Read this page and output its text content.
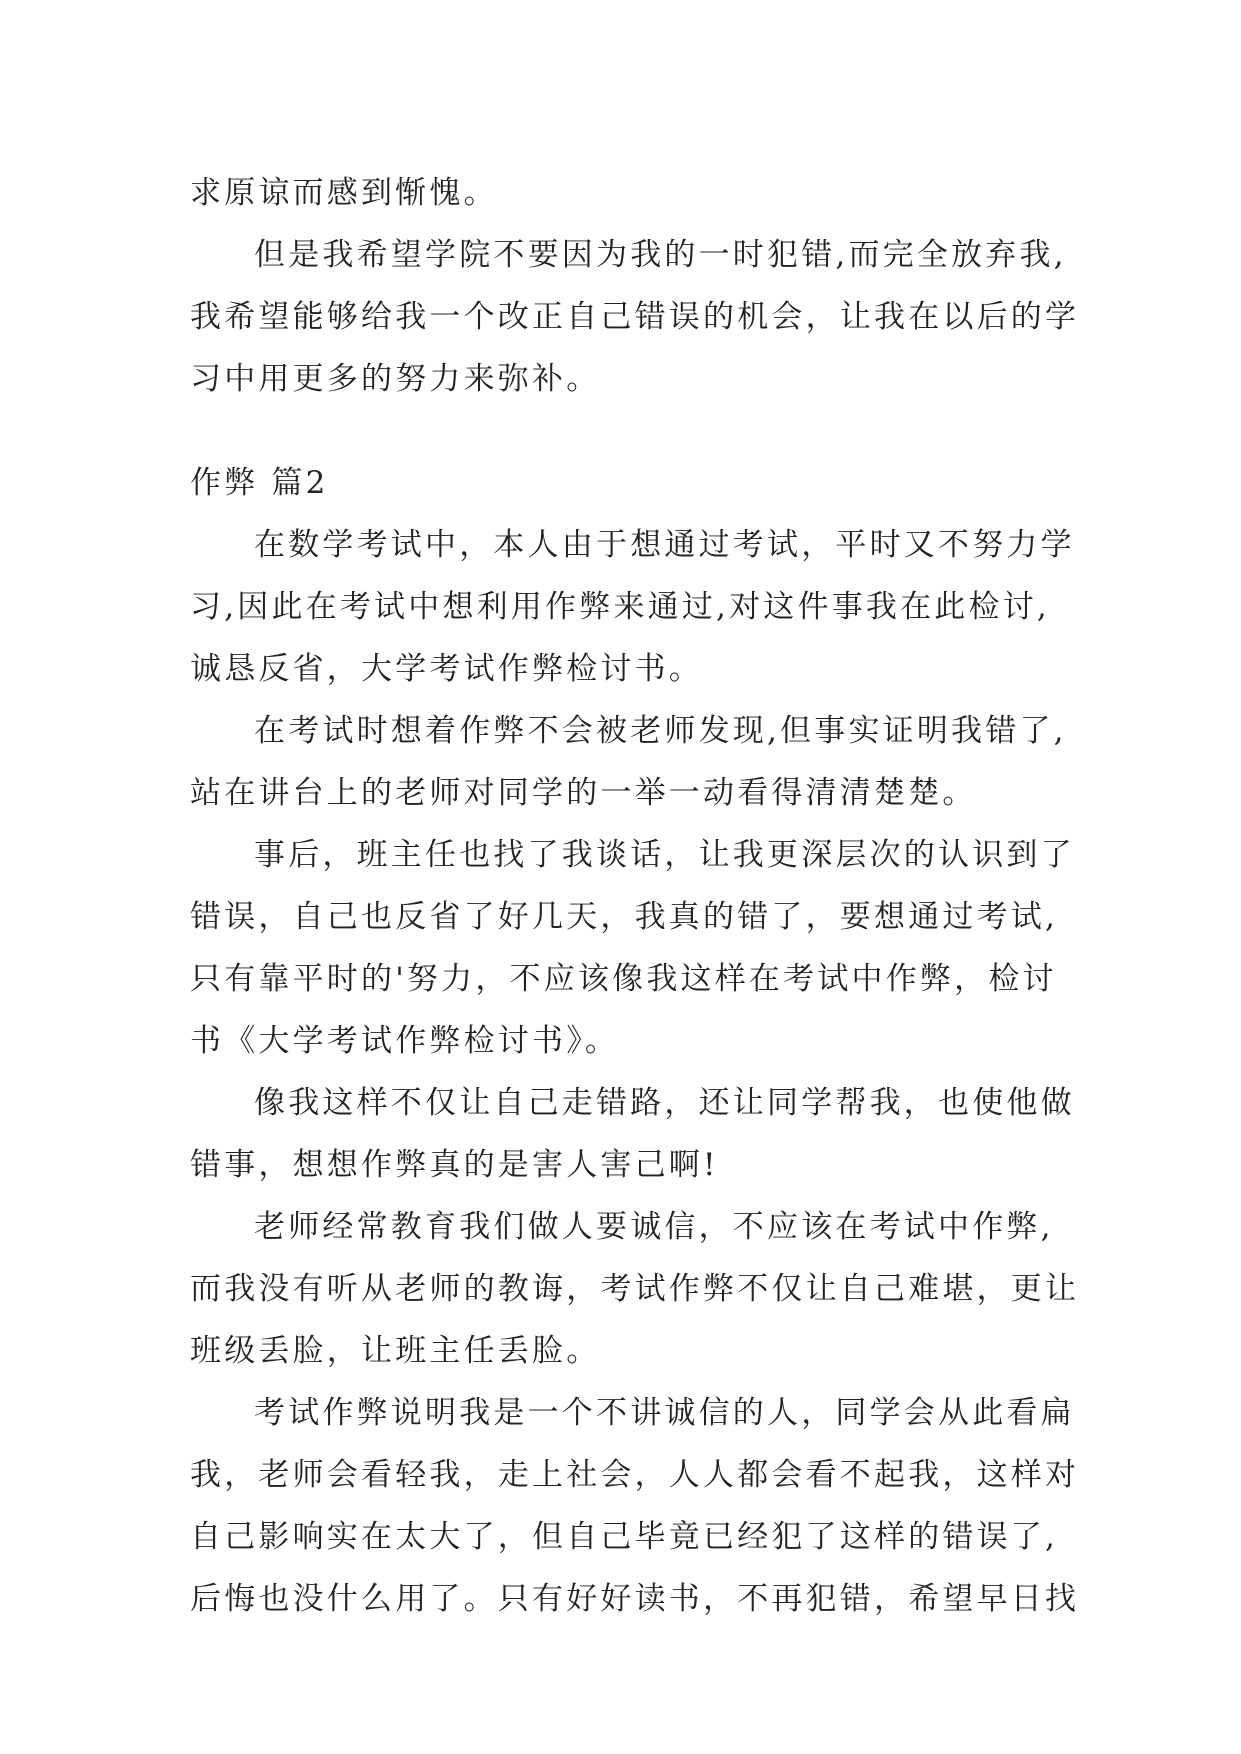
求原谅而感到惭愧。
但是我希望学院不要因为我的一时犯错,而完全放弃我,
我希望能够给我一个改正自己错误的机会，让我在以后的学
习中用更多的努力来弥补。
作弊 篇2
在数学考试中，本人由于想通过考试，平时又不努力学
习,因此在考试中想利用作弊来通过,对这件事我在此检讨,
诚恳反省，大学考试作弊检讨书。
在考试时想着作弊不会被老师发现,但事实证明我错了,
站在讲台上的老师对同学的一举一动看得清清楚楚。
事后，班主任也找了我谈话，让我更深层次的认识到了
错误，自己也反省了好几天，我真的错了，要想通过考试,
只有靠平时的'努力，不应该像我这样在考试中作弊，检讨
书《大学考试作弊检讨书》。
像我这样不仅让自己走错路，还让同学帮我，也使他做
错事，想想作弊真的是害人害己啊!
老师经常教育我们做人要诚信，不应该在考试中作弊,
而我没有听从老师的教诲，考试作弊不仅让自己难堪，更让
班级丢脸，让班主任丢脸。
考试作弊说明我是一个不讲诚信的人，同学会从此看扁
我，老师会看轻我，走上社会，人人都会看不起我，这样对
自己影响实在太大了，但自己毕竟已经犯了这样的错误了,
后悔也没什么用了。只有好好读书，不再犯错，希望早日找
